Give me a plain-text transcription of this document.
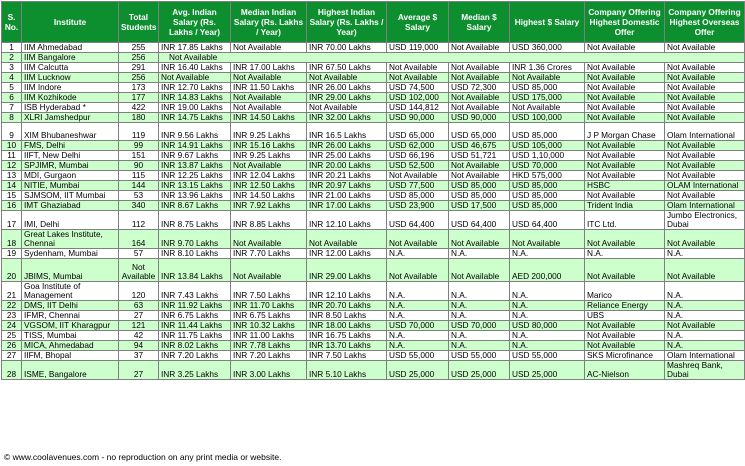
S. No.	Institute	Total Students	Avg. Indian Salary (Rs. Lakhs / Year)	Median Indian Salary (Rs. Lakhs / Year)	Highest Indian Salary (Rs. Lakhs / Year)	Average $ Salary	Median $ Salary	Highest $ Salary	Company Offering Highest Domestic Offer	Company Offering Highest Overseas Offer
1	IIM Ahmedabad	255	INR 17.85 Lakhs	Not Available	INR 70.00 Lakhs	USD 119,000	Not Available	USD 360,000	Not Available	Not Available
2	IIM Bangalore	256	Not Available							
3	IIM Calcutta	291	INR 16.40 Lakhs	INR 17.00 Lakhs	INR 67.50 Lakhs	Not Available	Not Available	INR 1.36 Crores	Not Available	Not Available
4	IIM Lucknow	256	Not Available	Not Available	Not Available	Not Available	Not Available	Not Available	Not Available	Not Available
5	IIM Indore	173	INR 12.70 Lakhs	INR 11.50 Lakhs	INR 26.00 Lakhs	USD 74,500	USD 72,300	USD 85,000	Not Available	Not Available
6	IIM Kozhikode	177	INR 14.83 Lakhs	Not Available	INR 29.00 Lakhs	USD 102,000	Not Available	USD 175,000	Not Available	Not Available
7	ISB Hyderabad *	422	INR 19.00 Lakhs	Not Available	Not Available	USD 144,812	Not Available	Not Available	Not Available	Not Available
8	XLRI Jamshedpur	180	INR 14.75 Lakhs	INR 14.50 Lakhs	INR 32.00 Lakhs	USD 90,000	USD 90,000	USD 100,000	Not Available	Not Available
9	XIM Bhubaneshwar	119	INR 9.56 Lakhs	INR 9.25 Lakhs	INR 16.5 Lakhs	USD 65,000	USD 65,000	USD 85,000	J P Morgan Chase	Olam International
10	FMS, Delhi	99	INR 14.91 Lakhs	INR 15.16 Lakhs	INR 26.00 Lakhs	USD 62,000	USD 46,675	USD 105,000	Not Available	Not Available
11	IIFT, New Delhi	151	INR 9.67 Lakhs	INR 9.25 Lakhs	INR 25.00 Lakhs	USD 66,196	USD 51,721	USD 1,10,000	Not Available	Not Available
12	SPJIMR, Mumbai	90	INR 13.87 Lakhs	Not Available	INR 20.00 Lakhs	USD 52,500	Not Available	USD 70,000	Not Available	Not Available
13	MDI, Gurgaon	115	INR 12.25 Lakhs	INR 12.04 Lakhs	INR 20.21 Lakhs	Not Available	Not Available	HKD 575,000	Not Available	Not Available
14	NITIE, Mumbai	144	INR 13.15 Lakhs	INR 12.50 Lakhs	INR 20.97 Lakhs	USD 77,500	USD 85,000	USD 85,000	HSBC	OLAM International
15	SJMSOM, IIT Mumbai	53	INR 13.96 Lakhs	INR 14.50 Lakhs	INR 21.00 Lakhs	USD 85,000	USD 85,000	USD 85,000	Not Available	Not Available
16	IMT Ghaziabad	340	INR 8.67 Lakhs	INR 7.92 Lakhs	INR 17.00 Lakhs	USD 23,900	USD 17,500	USD 85,000	Trident India	Olam International
17	IMI, Delhi	112	INR 8.75 Lakhs	INR 8.85 Lakhs	INR 12.10 Lakhs	USD 64,400	USD 64,400	USD 64,400	ITC Ltd.	Jumbo Electronics, Dubai
18	Great Lakes Institute, Chennai	164	INR 9.70 Lakhs	Not Available	Not Available	Not Available	Not Available	Not Available	Not Available	Not Available
19	Sydenham, Mumbai	57	INR 8.10 Lakhs	INR 7.70 Lakhs	INR 12.00 Lakhs	N.A.	N.A.	N.A.	N.A.	N.A.
20	JBIMS, Mumbai	Not Available	INR 13.84 Lakhs	Not Available	INR 29.00 Lakhs	Not Available	Not Available	AED 200,000	Not Available	Not Available
21	Goa Institute of Management	120	INR 7.43 Lakhs	INR 7.50 Lakhs	INR 12.10 Lakhs	N.A.	N.A.	N.A.	Marico	N.A.
22	DMS, IIT Delhi	63	INR 11.92 Lakhs	INR 11.70 Lakhs	INR 20.70 Lakhs	N.A.	N.A.	N.A.	Reliance Energy	N.A.
23	IFMR, Chennai	27	INR 6.75 Lakhs	INR 6.75 Lakhs	INR 8.50 Lakhs	N.A.	N.A.	N.A.	UBS	N.A.
24	VGSOM, IIT Kharagpur	121	INR 11.44 Lakhs	INR 10.32 Lakhs	INR 18.00 Lakhs	USD 70,000	USD 70,000	USD 80,000	Not Available	Not Available
25	TISS, Mumbai	42	INR 11.75 Lakhs	INR 11.00 Lakhs	INR 16.75 Lakhs	N.A.	N.A.	N.A.	Not Available	N.A.
26	MICA, Ahmedabad	94	INR 8.02 Lakhs	INR 7.78 Lakhs	INR 13.70 Lakhs	N.A.	N.A.	N.A.	Not Available	N.A.
27	IIFM, Bhopal	37	INR 7.20 Lakhs	INR 7.20 Lakhs	INR 7.50 Lakhs	USD 55,000	USD 55,000	USD 55,000	SKS Microfinance	Olam International
28	ISME, Bangalore	27	INR 3.25 Lakhs	INR 3.00 Lakhs	INR 5.10 Lakhs	USD 25,000	USD 25,000	USD 25,000	AC-Nielson	Mashreq Bank, Dubai
© www.coolavenues.com - no reproduction on any print media or website.
